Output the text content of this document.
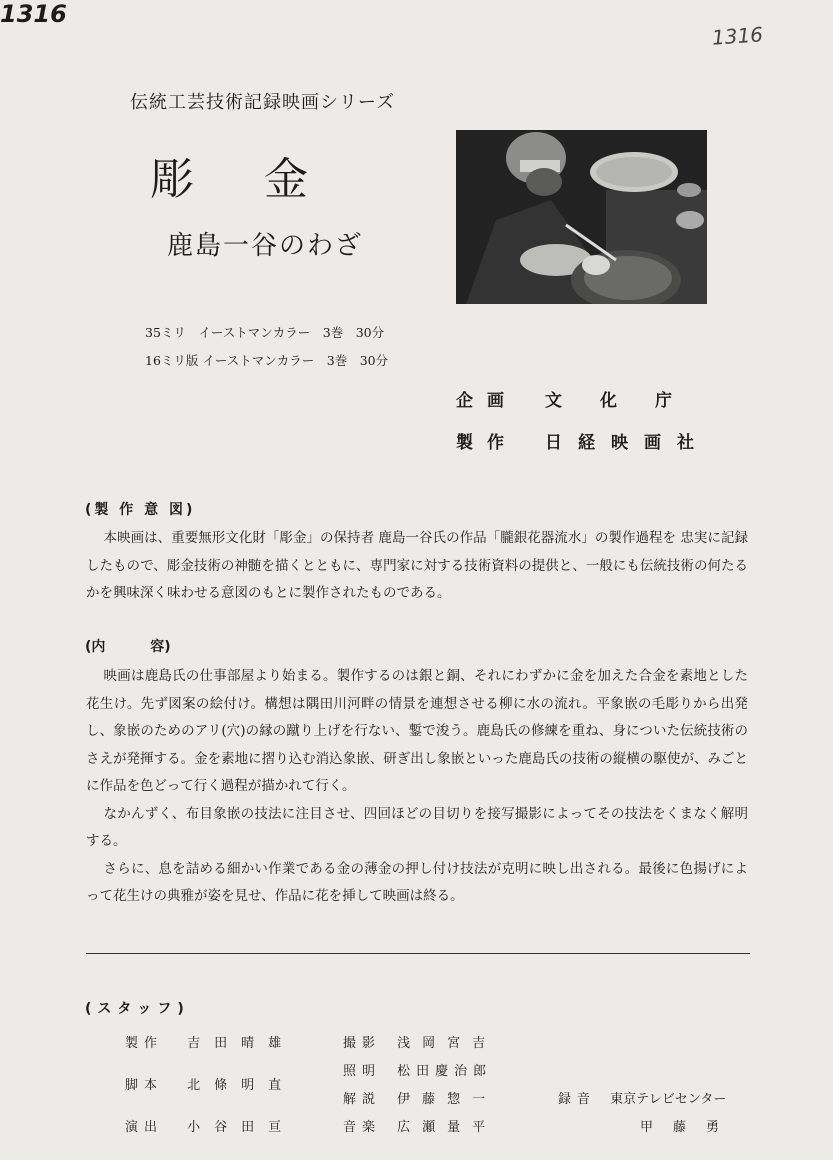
1316
1316
伝統工芸技術記録映画シリーズ
彫金
鹿島一谷のわざ
35ミリ　イーストマンカラー　3巻　30分
16ミリ版 イーストマンカラー　3巻　30分
企画 文化庁
製作 日経映画社
(製 作 意 図)

本映画は、重要無形文化財「彫金」の保持者 鹿島一谷氏の作品「朧銀花器流水」の製作過程を 忠実に記録したもので、彫金技術の神髄を描くとともに、専門家に対する技術資料の提供と、一般にも伝統技術の何たるかを興味深く味わせる意図のもとに製作されたものである。

(内 容)

映画は鹿島氏の仕事部屋より始まる。製作するのは銀と銅、それにわずかに金を加えた合金を素地とした花生け。先ず図案の絵付け。構想は隅田川河畔の情景を連想させる柳に水の流れ。平象嵌の毛彫りから出発し、象嵌のためのアリ(穴)の縁の蹴り上げを行ない、鏨で浚う。鹿島氏の修練を重ね、身についた伝統技術のさえが発揮する。金を素地に摺り込む消込象嵌、研ぎ出し象嵌といった鹿島氏の技術の縦横の駆使が、みごとに作品を色どって行く過程が描かれて行く。

なかんずく、布目象嵌の技法に注目させ、四回ほどの目切りを接写撮影によってその技法をくまなく解明する。

さらに、息を詰める細かい作業である金の薄金の押し付け技法が克明に映し出される。最後に色揚げによって花生けの典雅が姿を見せ、作品に花を挿して映画は終る。

(スタッフ)
製作 吉田晴雄
脚本 北條明直
演出 小谷田亘
撮影 浅岡宮吉
照明 松田慶治郎
解説 伊藤惣一
音楽 広瀬量平
録音 東京テレビセンター
甲藤勇
